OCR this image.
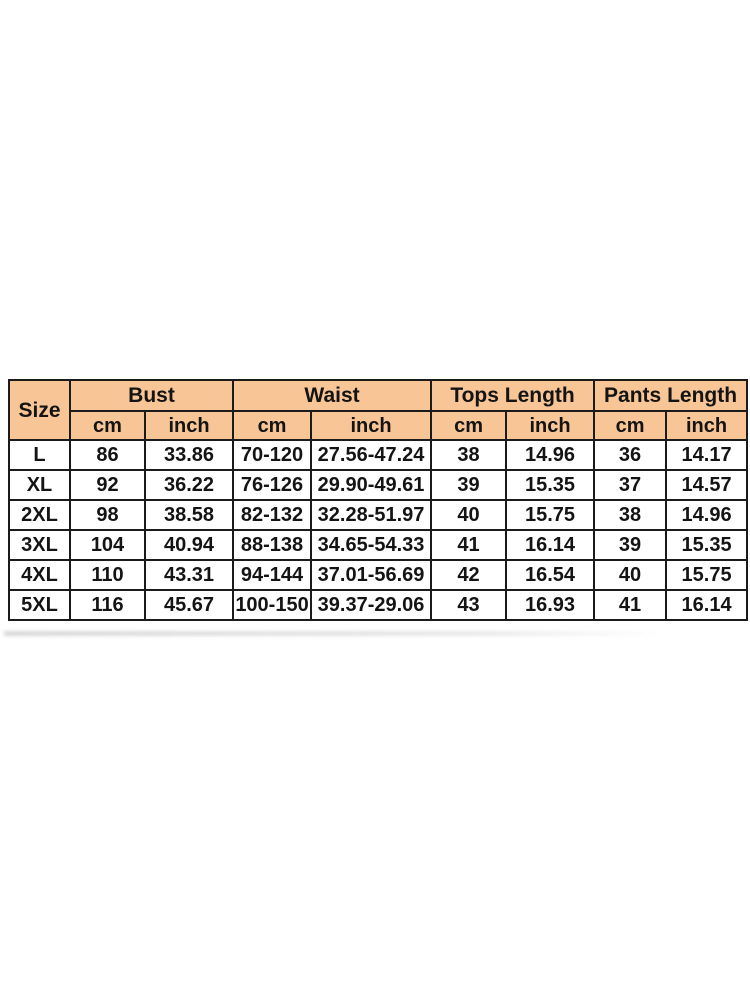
Size	Bust		Waist		Tops Length		Pants Length	
	cm	inch	cm	inch	cm	inch	cm	inch
L	86	33.86	70-120	27.56-47.24	38	14.96	36	14.17
XL	92	36.22	76-126	29.90-49.61	39	15.35	37	14.57
2XL	98	38.58	82-132	32.28-51.97	40	15.75	38	14.96
3XL	104	40.94	88-138	34.65-54.33	41	16.14	39	15.35
4XL	110	43.31	94-144	37.01-56.69	42	16.54	40	15.75
5XL	116	45.67	100-150	39.37-29.06	43	16.93	41	16.14
